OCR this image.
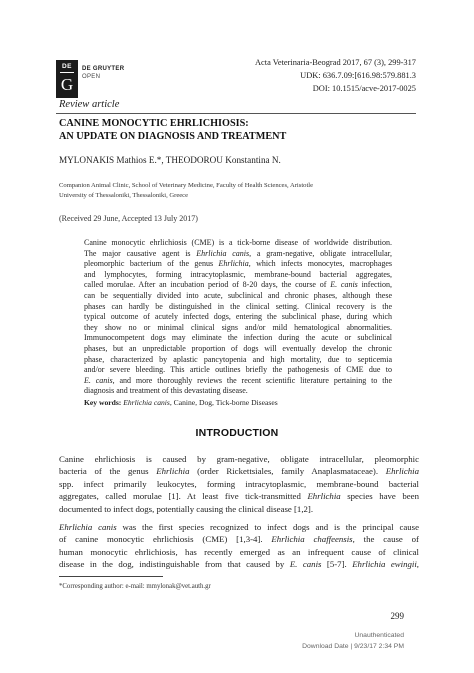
DE
G
DE GRUYTER
OPEN
Acta Veterinaria-Beograd 2017, 67 (3), 299-317
UDK: 636.7.09:[616.98:579.881.3
DOI: 10.1515/acve-2017-0025
Review article
CANINE MONOCYTIC EHRLICHIOSIS:
AN UPDATE ON DIAGNOSIS AND TREATMENT
MYLONAKIS Mathios E.*, THEODOROU Konstantina N.
Companion Animal Clinic, School of Veterinary Medicine, Faculty of Health Sciences, Aristotle
University of Thessaloniki, Thessaloniki, Greece
(Received 29 June, Accepted 13 July 2017)
Canine monocytic ehrlichiosis (CME) is a tick-borne disease of worldwide distribution.
The major causative agent is Ehrlichia canis, a gram-negative, obligate intracellular,
pleomorphic bacterium of the genus Ehrlichia, which infects monocytes, macrophages
and lymphocytes, forming intracytoplasmic, membrane-bound bacterial aggregates,
called morulae. After an incubation period of 8-20 days, the course of E. canis infection,
can be sequentially divided into acute, subclinical and chronic phases, although these
phases can hardly be distinguished in the clinical setting. Clinical recovery is the
typical outcome of acutely infected dogs, entering the subclinical phase, during which
they show no or minimal clinical signs and/or mild hematological abnormalities.
Immunocompetent dogs may eliminate the infection during the acute or subclinical
phases, but an unpredictable proportion of dogs will eventually develop the chronic
phase, characterized by aplastic pancytopenia and high mortality, due to septicemia
and/or severe bleeding. This article outlines briefly the pathogenesis of CME due to
E. canis, and more thoroughly reviews the recent scientific literature pertaining to the
diagnosis and treatment of this devastating disease.
Key words: Ehrlichia canis, Canine, Dog, Tick-borne Diseases
INTRODUCTION
Canine ehrlichiosis is caused by gram-negative, obligate intracellular, pleomorphic
bacteria of the genus Ehrlichia (order Rickettsiales, family Anaplasmataceae). Ehrlichia
spp. infect primarily leukocytes, forming intracytoplasmic, membrane-bound bacterial
aggregates, called morulae [1]. At least five tick-transmitted Ehrlichia species have been
documented to infect dogs, potentially causing the clinical disease [1,2].
Ehrlichia canis was the first species recognized to infect dogs and is the principal cause
of canine monocytic ehrlichiosis (CME) [1,3-4]. Ehrlichia chaffeensis, the cause of
human monocytic ehrlichiosis, has recently emerged as an infrequent cause of clinical
disease in the dog, indistinguishable from that caused by E. canis [5-7]. Ehrlichia ewingii,
*Corresponding author: e-mail: mmylonak@vet.auth.gr
299
Unauthenticated
Download Date | 9/23/17 2:34 PM
